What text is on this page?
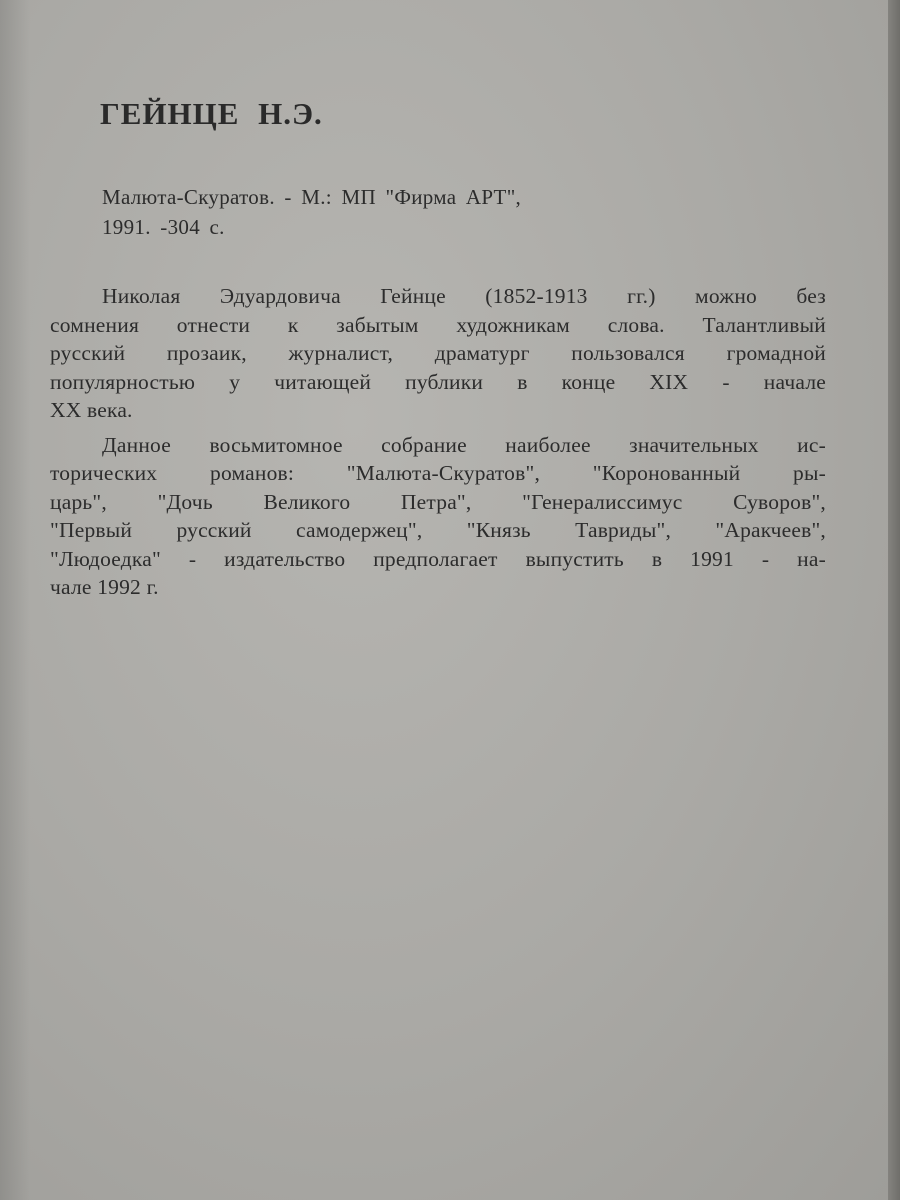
ГЕЙНЦЕ Н.Э.
Малюта-Скуратов. - М.: МП "Фирма АРТ",
1991. -304 с.
Николая Эдуардовича Гейнце (1852-1913 гг.) можно без
сомнения отнести к забытым художникам слова. Талантливый
русский прозаик, журналист, драматург пользовался громадной
популярностью у читающей публики в конце XIX - начале
XX века.
Данное восьмитомное собрание наиболее значительных ис-
торических романов: "Малюта-Скуратов", "Коронованный ры-
царь", "Дочь Великого Петра", "Генералиссимус Суворов",
"Первый русский самодержец", "Князь Тавриды", "Аракчеев",
"Людоедка" - издательство предполагает выпустить в 1991 - на-
чале 1992 г.
